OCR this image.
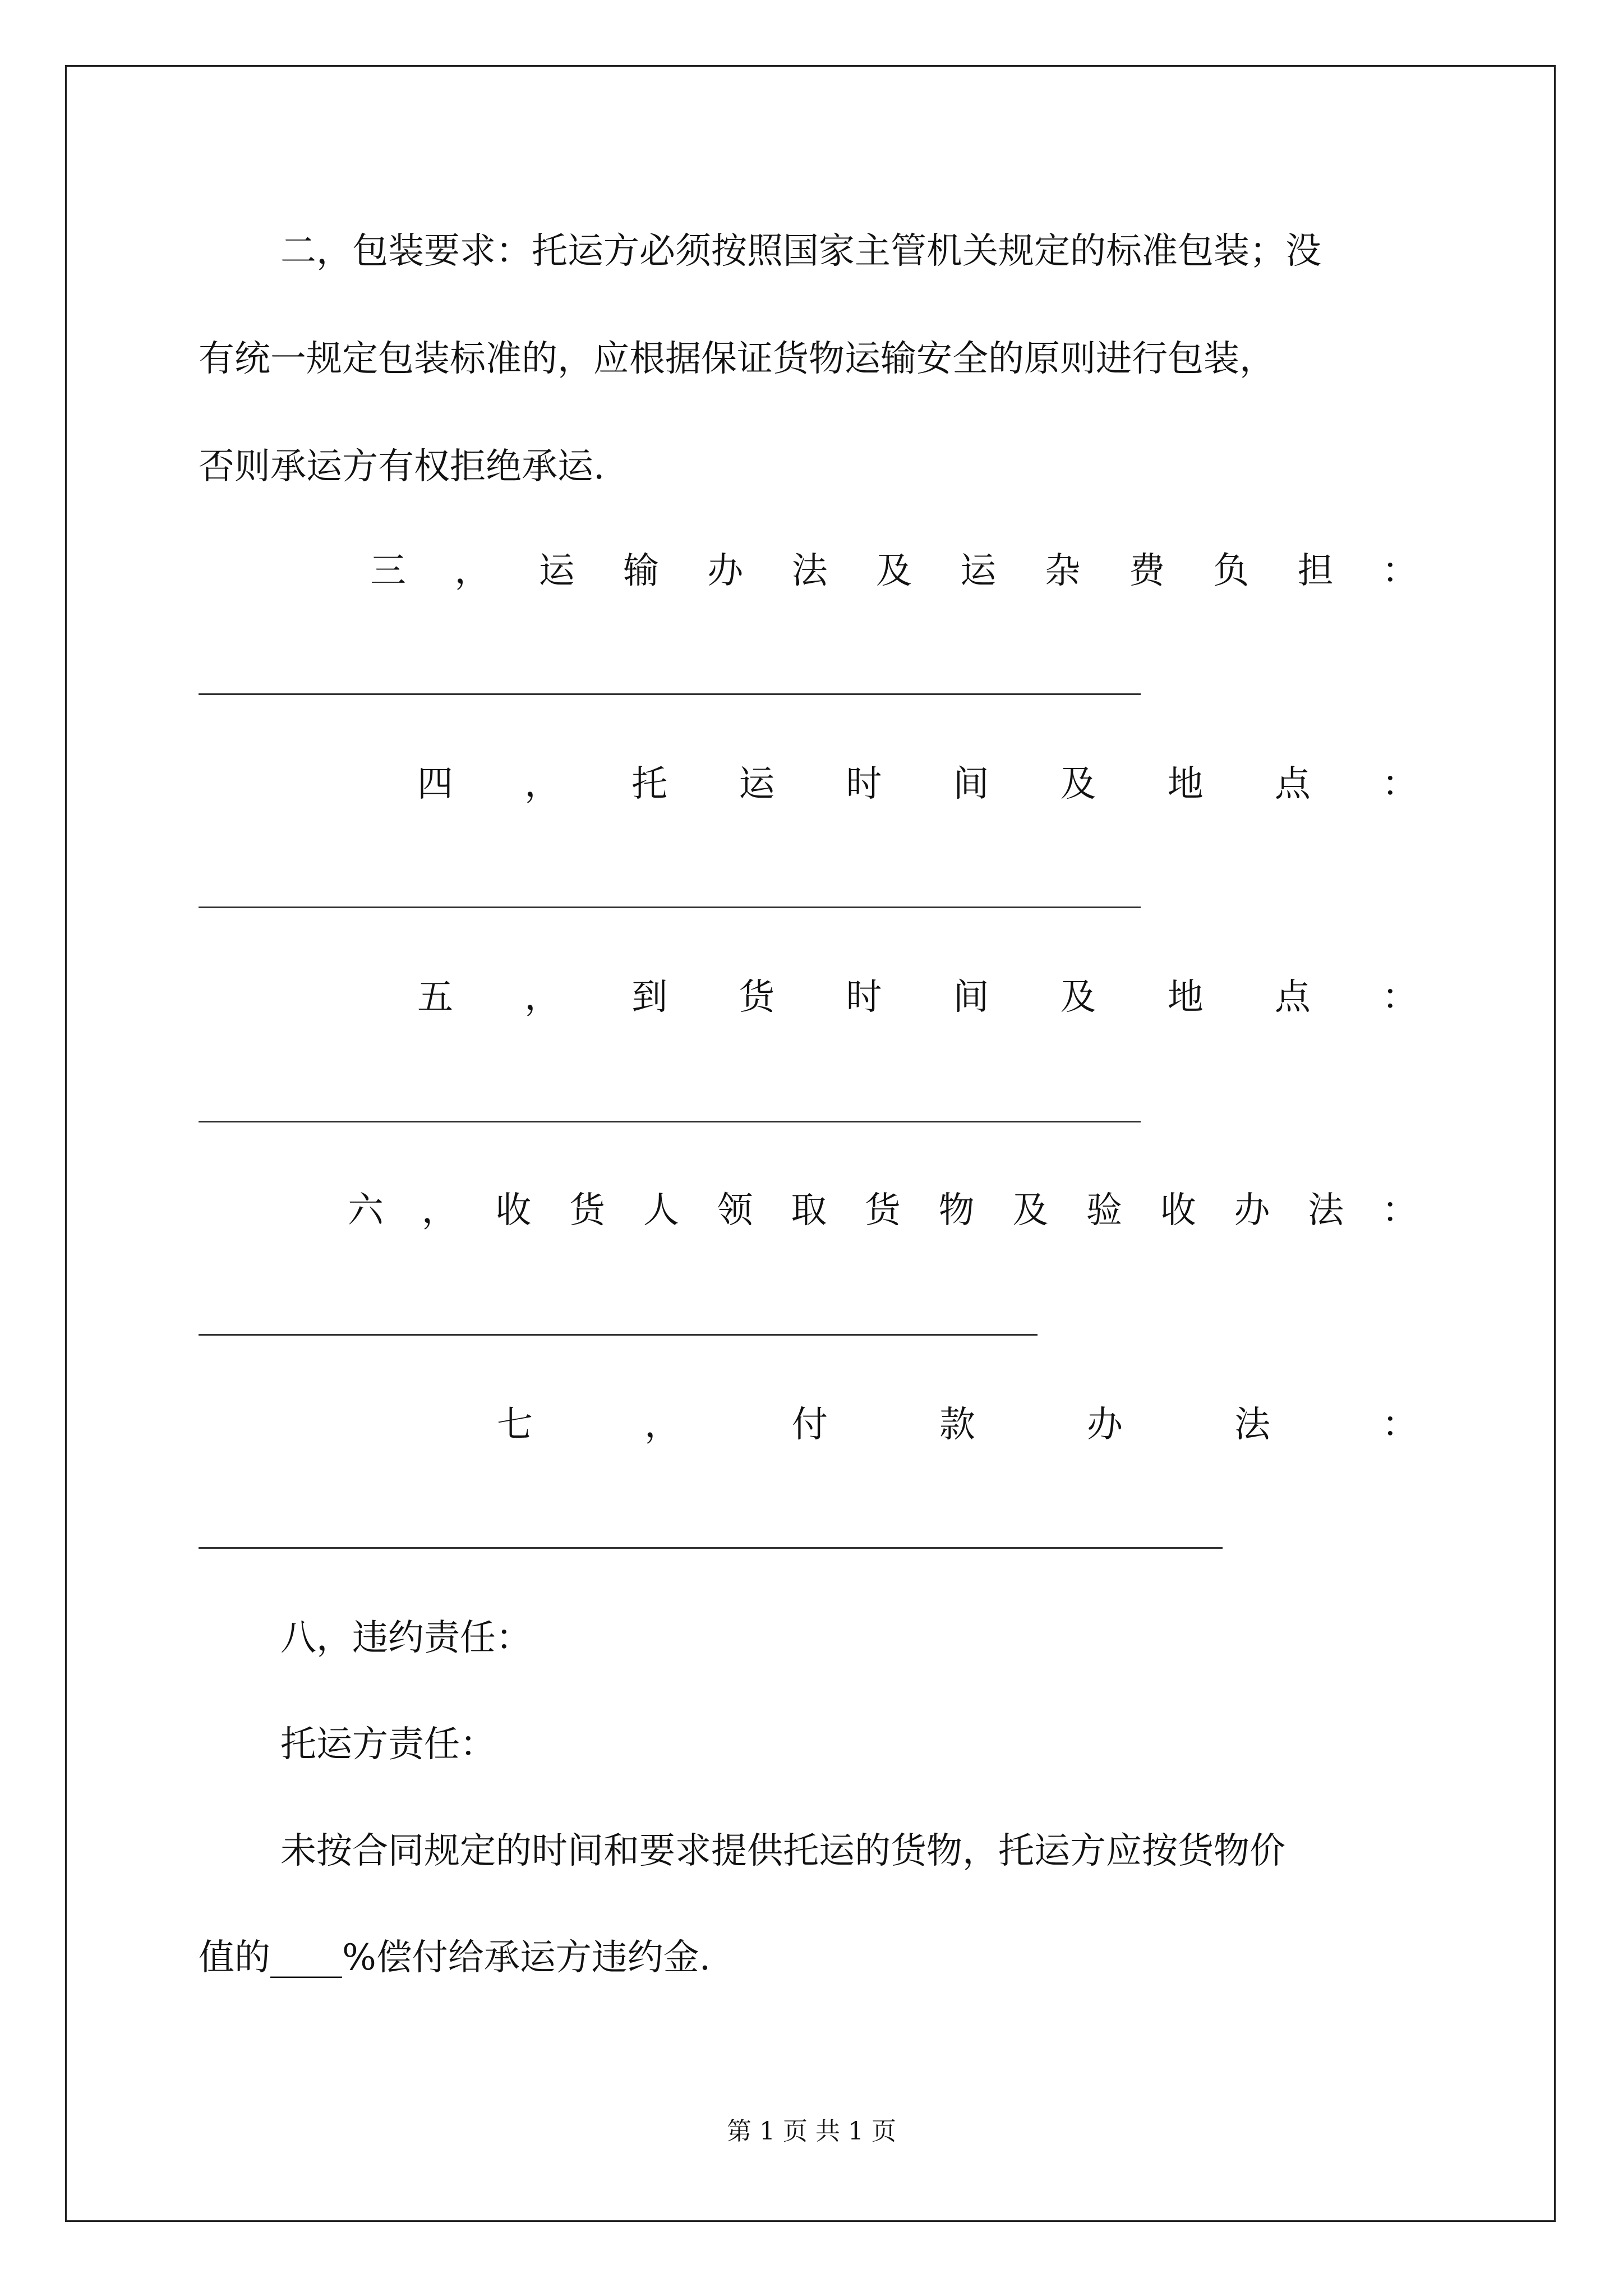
二，包装要求：托运方必须按照国家主管机关规定的标准包装；没
有统一规定包装标准的，应根据保证货物运输安全的原则进行包装，
否则承运方有权拒绝承运.
三 ， 运 输 办 法 及 运 杂 费 负 担 ：
四 ， 托 运 时 间 及 地 点 ：
五 ， 到 货 时 间 及 地 点 ：
六 ， 收 货 人 领 取 货 物 及 验 收 办 法 ：
七	，	付	款	办	法	：
八，违约责任：
托运方责任：
未按合同规定的时间和要求提供托运的货物，托运方应按货物价
值的____%偿付给承运方违约金.
第 1 页 共 1 页
